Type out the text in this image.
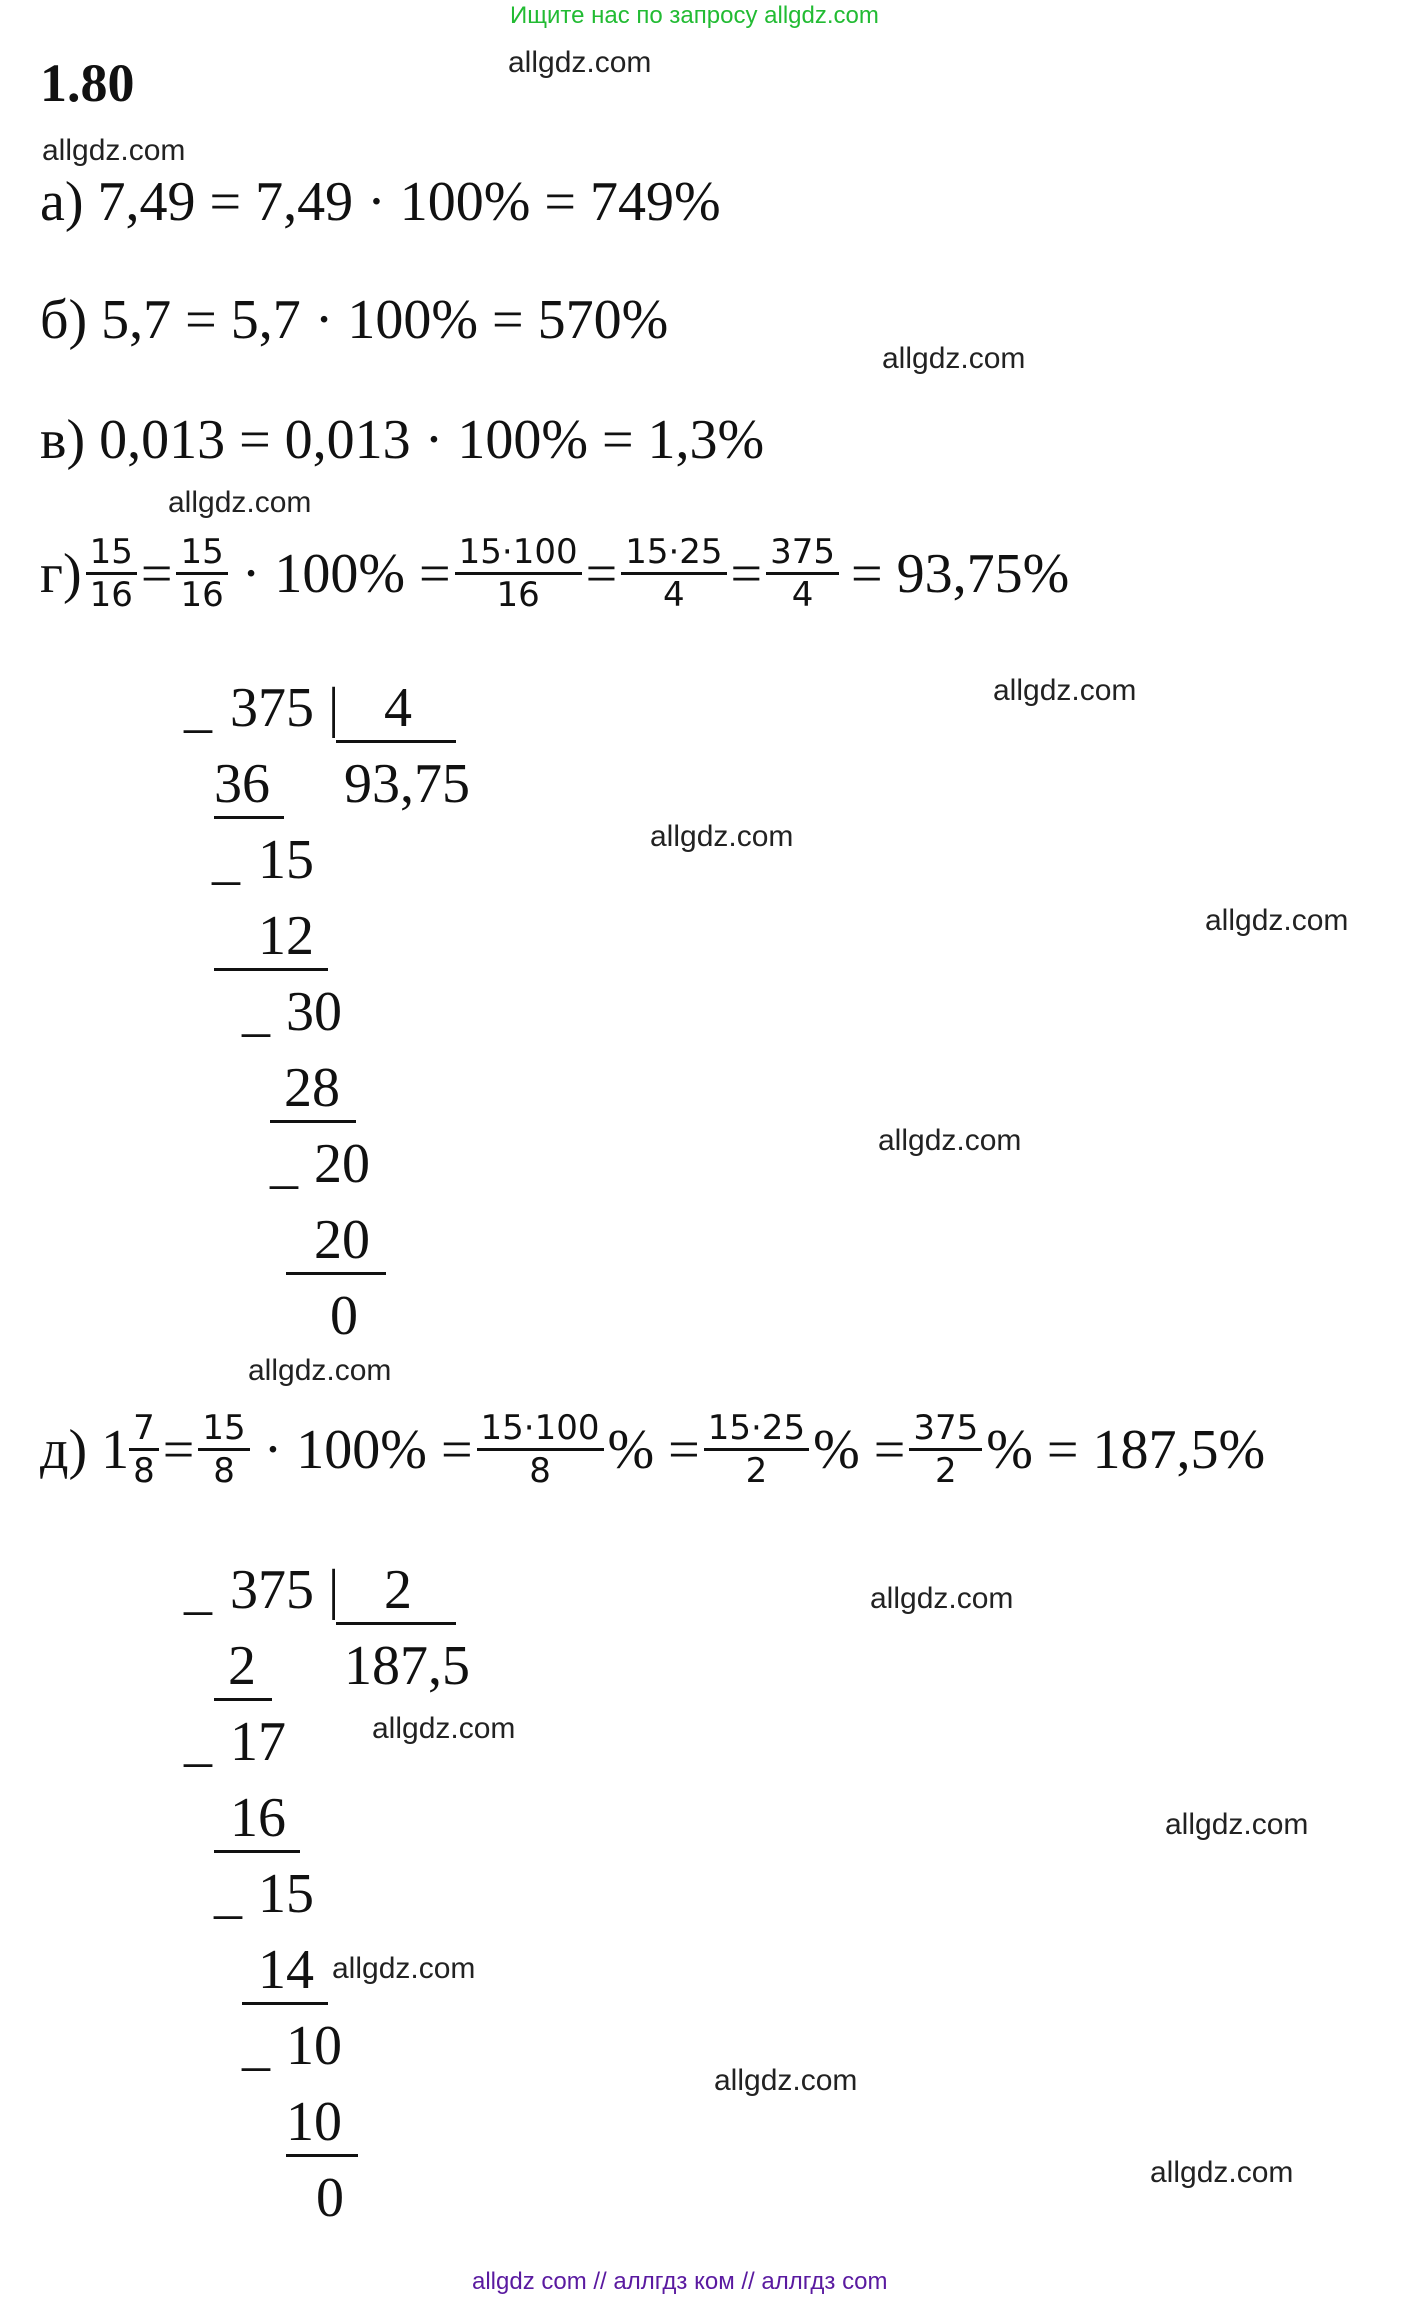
Ищите нас по запросу allgdz.com
1.80	allgdz.com
allgdz.com
allgdz.com
allgdz.com
allgdz.com
allgdz.com
allgdz.com
allgdz.com
allgdz.com
allgdz.com
allgdz.com
allgdz.com
allgdz.com
allgdz.com
allgdz.com
а) 7,49 = 7,49 · 100% = 749%
б) 5,7 = 5,7 · 100% = 570%
в) 0,013 = 0,013 · 100% = 1,3%
$г) \frac{15}{16} = \frac{15}{16} \cdot 100\% = \frac{15\cdot 100}{16} = \frac{15\cdot 25}{4} = \frac{375}{4} = 93,75\%$
_ 375 | 4
36 93,75
_ 15
12
_ 30
28
_ 20
20
0
д) $1 \frac{7}{8} = \frac{15}{8} \cdot 100\% = \frac{15\cdot 100}{8}$ % = $\frac{15\cdot 25}{2}$ % = $\frac{375}{2}$ % = 187,5%
_ 375 | 2
2 187,5
_ 17
16
_ 15
14
_ 10
10
0
allgdz com // аллгдз ком // аллгдз com
